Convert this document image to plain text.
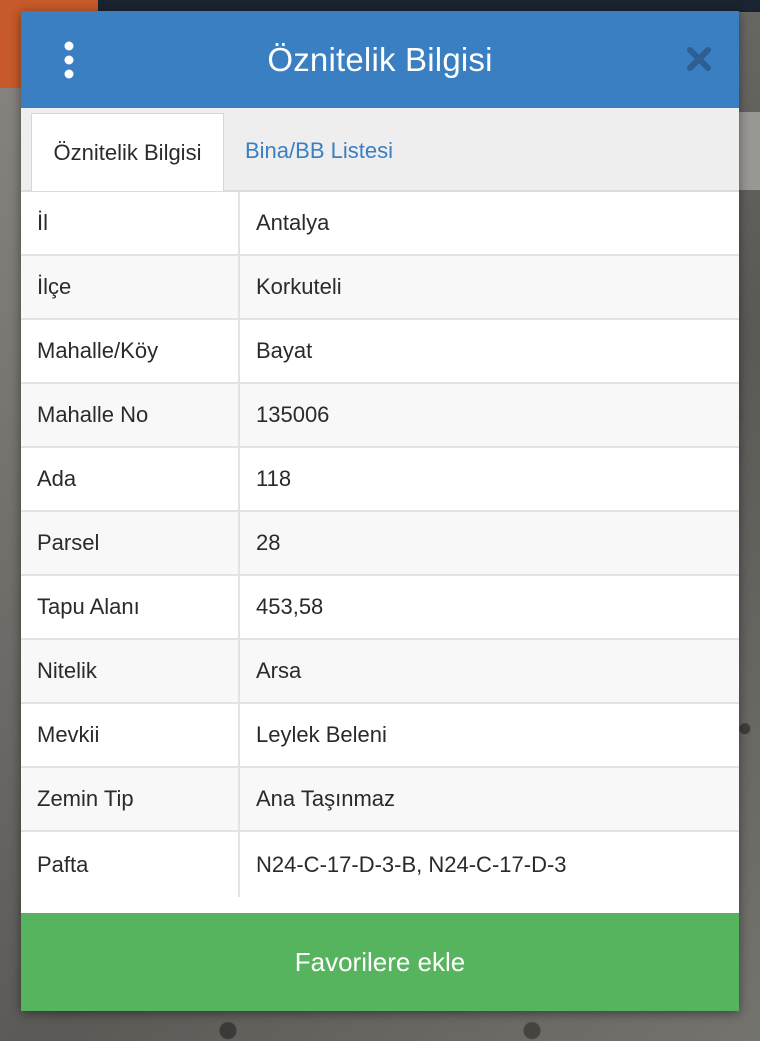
Öznitelik Bilgisi
Öznitelik Bilgisi	Bina/BB Listesi
İl	Antalya
İlçe	Korkuteli
Mahalle/Köy	Bayat
Mahalle No	135006
Ada	118
Parsel	28
Tapu Alanı	453,58
Nitelik	Arsa
Mevkii	Leylek Beleni
Zemin Tip	Ana Taşınmaz
Pafta	N24-C-17-D-3-B, N24-C-17-D-3
Favorilere ekle
